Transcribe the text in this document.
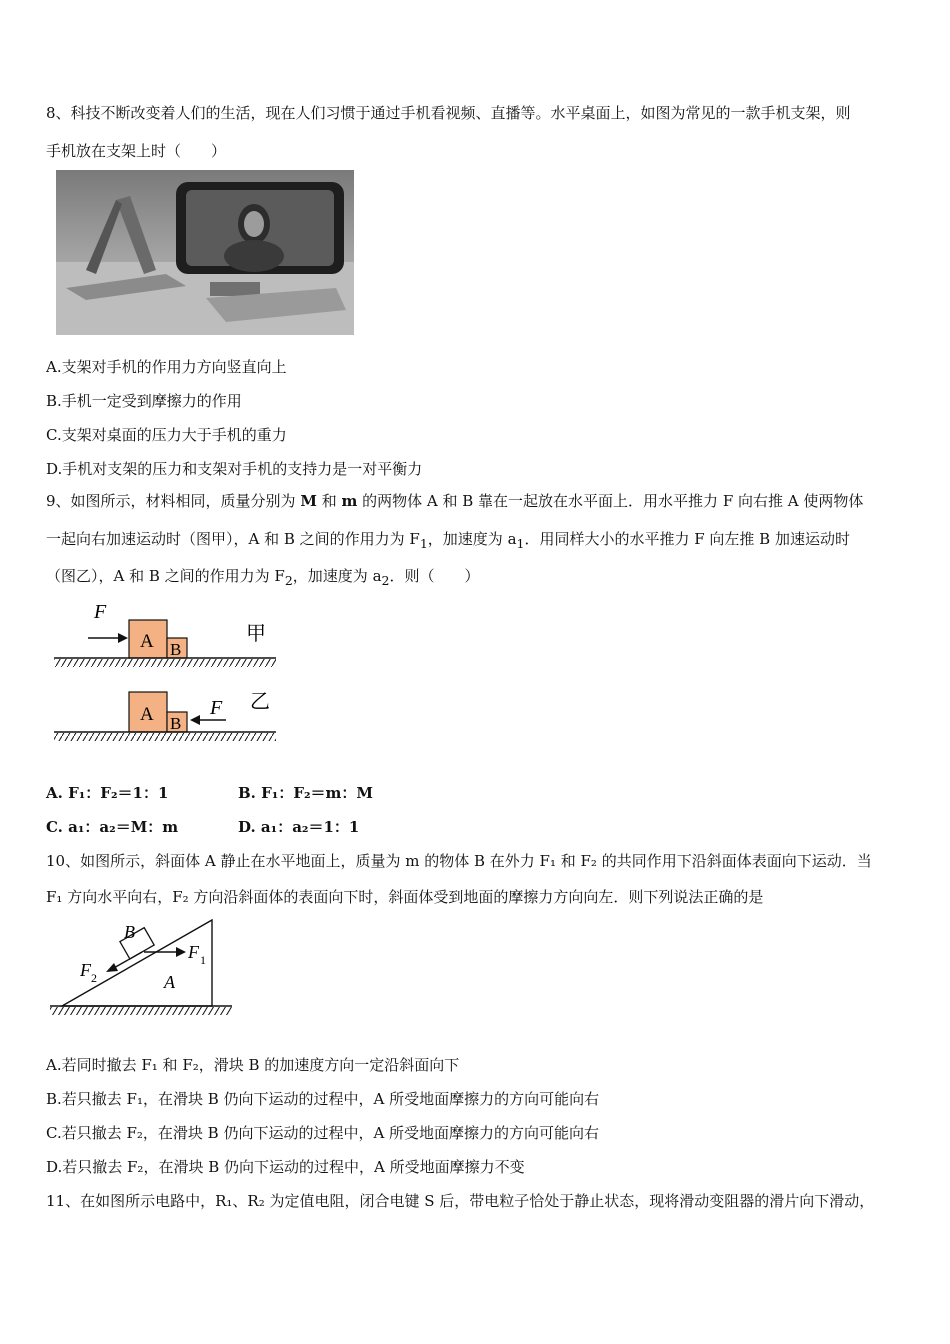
8、科技不断改变着人们的生活，现在人们习惯于通过手机看视频、直播等。水平桌面上，如图为常见的一款手机支架，则
手机放在支架上时（　　）
A.支架对手机的作用力方向竖直向上
B.手机一定受到摩擦力的作用
C.支架对桌面的压力大于手机的重力
D.手机对支架的压力和支架对手机的支持力是一对平衡力
9、如图所示，材料相同，质量分别为 M 和 m 的两物体 A 和 B 靠在一起放在水平面上．用水平推力 F 向右推 A 使两物体
一起向右加速运动时（图甲），A 和 B 之间的作用力为 $F_1$，加速度为 $a_1$．用同样大小的水平推力 F 向左推 B 加速运动时
（图乙），A 和 B 之间的作用力为 $F_2$，加速度为 $a_2$．则（　　）
F
A B
甲
A B
F 乙
A. F₁：F₂＝1：1	B. F₁：F₂＝m：M
C. a₁：a₂＝M：m	D. a₁：a₂＝1：1
10、如图所示，斜面体 A 静止在水平地面上，质量为 m 的物体 B 在外力 F₁ 和 F₂ 的共同作用下沿斜面体表面向下运动．当
F₁ 方向水平向右，F₂ 方向沿斜面体的表面向下时，斜面体受到地面的摩擦力方向向左．则下列说法正确的是
B
F 1
F 2	A
A.若同时撤去 F₁ 和 F₂，滑块 B 的加速度方向一定沿斜面向下
B.若只撤去 F₁，在滑块 B 仍向下运动的过程中，A 所受地面摩擦力的方向可能向右
C.若只撤去 F₂，在滑块 B 仍向下运动的过程中，A 所受地面摩擦力的方向可能向右
D.若只撤去 F₂，在滑块 B 仍向下运动的过程中，A 所受地面摩擦力不变
11、在如图所示电路中，R₁、R₂ 为定值电阻，闭合电键 S 后，带电粒子恰处于静止状态，现将滑动变阻器的滑片向下滑动，
